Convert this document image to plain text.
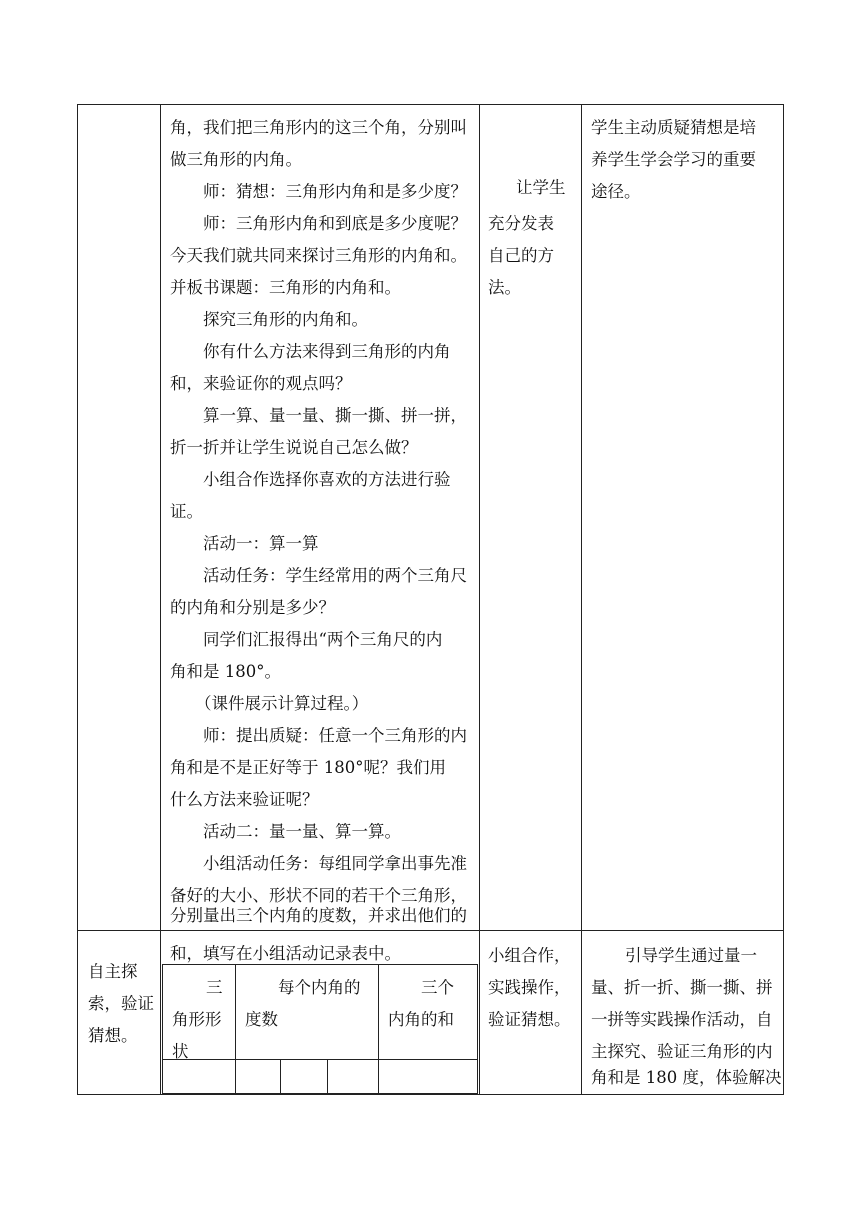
角，我们把三角形内的这三个角，分别叫
做三角形的内角。
师：猜想：三角形内角和是多少度？
师：三角形内角和到底是多少度呢？
今天我们就共同来探讨三角形的内角和。
并板书课题：三角形的内角和。
探究三角形的内角和。
你有什么方法来得到三角形的内角
和，来验证你的观点吗？
算一算、量一量、撕一撕、拼一拼，
折一折并让学生说说自己怎么做？
小组合作选择你喜欢的方法进行验
证。
活动一：算一算
活动任务：学生经常用的两个三角尺
的内角和分别是多少？
同学们汇报得出“两个三角尺的内
角和是 180°。
（课件展示计算过程。）
师：提出质疑：任意一个三角形的内
角和是不是正好等于 180°呢？我们用
什么方法来验证呢？
活动二：量一量、算一算。
小组活动任务：每组同学拿出事先准
备好的大小、形状不同的若干个三角形，
分别量出三个内角的度数，并求出他们的
让学生
充分发表
自己的方
法。
学生主动质疑猜想是培
养学生学会学习的重要
途径。
自主探
索，验证
猜想。
和，填写在小组活动记录表中。
三
角形形
状
每个内角的
度数
三个
内角的和
小组合作，
实践操作，
验证猜想。
引导学生通过量一
量、折一折、撕一撕、拼
一拼等实践操作活动，自
主探究、验证三角形的内
角和是 180 度，体验解决
